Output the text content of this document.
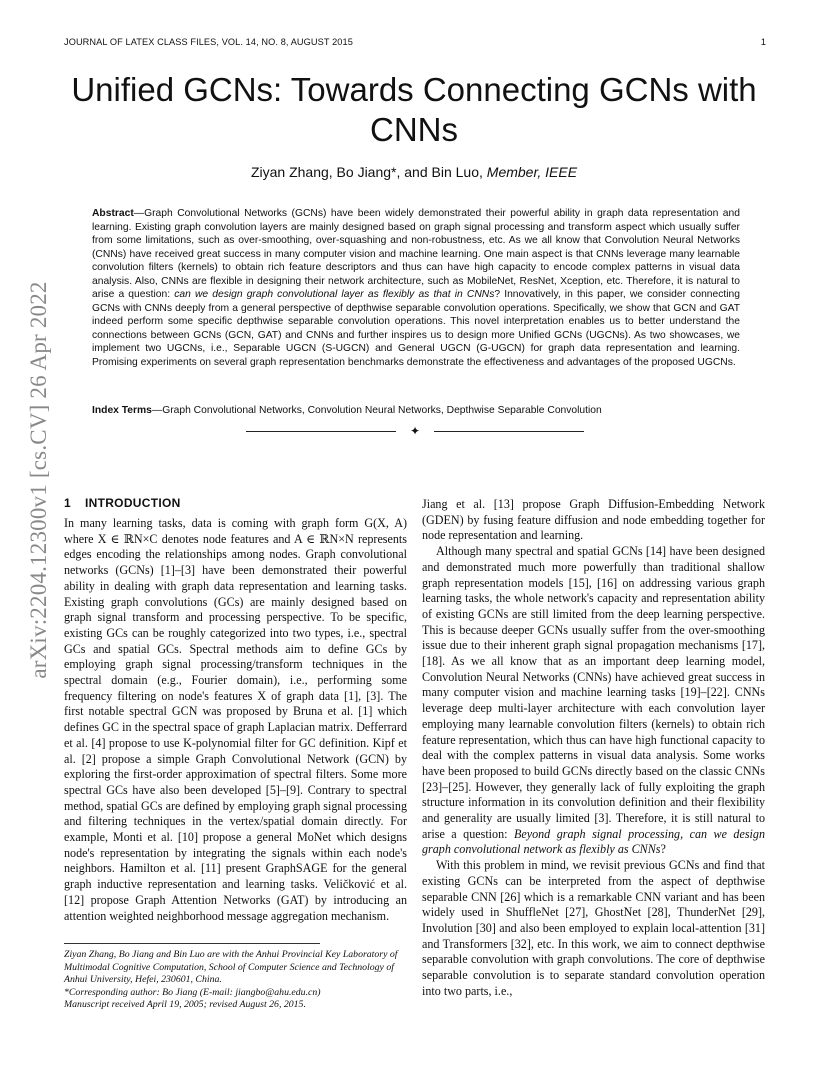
JOURNAL OF LATEX CLASS FILES, VOL. 14, NO. 8, AUGUST 2015	1
arXiv:2204.12300v1 [cs.CV] 26 Apr 2022
Unified GCNs: Towards Connecting GCNs with CNNs
Ziyan Zhang, Bo Jiang*, and Bin Luo, Member, IEEE
Abstract—Graph Convolutional Networks (GCNs) have been widely demonstrated their powerful ability in graph data representation and learning. Existing graph convolution layers are mainly designed based on graph signal processing and transform aspect which usually suffer from some limitations, such as over-smoothing, over-squashing and non-robustness, etc. As we all know that Convolution Neural Networks (CNNs) have received great success in many computer vision and machine learning. One main aspect is that CNNs leverage many learnable convolution filters (kernels) to obtain rich feature descriptors and thus can have high capacity to encode complex patterns in visual data analysis. Also, CNNs are flexible in designing their network architecture, such as MobileNet, ResNet, Xception, etc. Therefore, it is natural to arise a question: can we design graph convolutional layer as flexibly as that in CNNs? Innovatively, in this paper, we consider connecting GCNs with CNNs deeply from a general perspective of depthwise separable convolution operations. Specifically, we show that GCN and GAT indeed perform some specific depthwise separable convolution operations. This novel interpretation enables us to better understand the connections between GCNs (GCN, GAT) and CNNs and further inspires us to design more Unified GCNs (UGCNs). As two showcases, we implement two UGCNs, i.e., Separable UGCN (S-UGCN) and General UGCN (G-UGCN) for graph data representation and learning. Promising experiments on several graph representation benchmarks demonstrate the effectiveness and advantages of the proposed UGCNs.
Index Terms—Graph Convolutional Networks, Convolution Neural Networks, Depthwise Separable Convolution
✦
1 INTRODUCTION

In many learning tasks, data is coming with graph form G(X, A) where X ∈ ℝN×C denotes node features and A ∈ ℝN×N represents edges encoding the relationships among nodes. Graph convolutional networks (GCNs) [1]–[3] have been demonstrated their powerful ability in dealing with graph data representation and learning tasks. Existing graph convolutions (GCs) are mainly designed based on graph signal transform and processing perspective. To be specific, existing GCs can be roughly categorized into two types, i.e., spectral GCs and spatial GCs. Spectral methods aim to define GCs by employing graph signal processing/transform techniques in the spectral domain (e.g., Fourier domain), i.e., performing some frequency filtering on node's features X of graph data [1], [3]. The first notable spectral GCN was proposed by Bruna et al. [1] which defines GC in the spectral space of graph Laplacian matrix. Defferrard et al. [4] propose to use K-polynomial filter for GC definition. Kipf et al. [2] propose a simple Graph Convolutional Network (GCN) by exploring the first-order approximation of spectral filters. Some more spectral GCs have also been developed [5]–[9]. Contrary to spectral method, spatial GCs are defined by employing graph signal processing and filtering techniques in the vertex/spatial domain directly. For example, Monti et al. [10] propose a general MoNet which designs node's representation by integrating the signals within each node's neighbors. Hamilton et al. [11] present GraphSAGE for the general graph inductive representation and learning tasks. Veličković et al. [12] propose Graph Attention Networks (GAT) by introducing an attention weighted neighborhood message aggregation mechanism.

Ziyan Zhang, Bo Jiang and Bin Luo are with the Anhui Provincial Key Laboratory of Multimodal Cognitive Computation, School of Computer Science and Technology of Anhui University, Hefei, 230601, China.

*Corresponding author: Bo Jiang (E-mail: jiangbo@ahu.edu.cn)

Manuscript received April 19, 2005; revised August 26, 2015.

Jiang et al. [13] propose Graph Diffusion-Embedding Network (GDEN) by fusing feature diffusion and node embedding together for node representation and learning.

Although many spectral and spatial GCNs [14] have been designed and demonstrated much more powerfully than traditional shallow graph representation models [15], [16] on addressing various graph learning tasks, the whole network's capacity and representation ability of existing GCNs are still limited from the deep learning perspective. This is because deeper GCNs usually suffer from the over-smoothing issue due to their inherent graph signal propagation mechanisms [17], [18]. As we all know that as an important deep learning model, Convolution Neural Networks (CNNs) have achieved great success in many computer vision and machine learning tasks [19]–[22]. CNNs leverage deep multi-layer architecture with each convolution layer employing many learnable convolution filters (kernels) to obtain rich feature representation, which thus can have high functional capacity to deal with the complex patterns in visual data analysis. Some works have been proposed to build GCNs directly based on the classic CNNs [23]–[25]. However, they generally lack of fully exploiting the graph structure information in its convolution definition and their flexibility and generality are usually limited [3]. Therefore, it is still natural to arise a question: Beyond graph signal processing, can we design graph convolutional network as flexibly as CNNs?

With this problem in mind, we revisit previous GCNs and find that existing GCNs can be interpreted from the aspect of depthwise separable CNN [26] which is a remarkable CNN variant and has been widely used in ShuffleNet [27], GhostNet [28], ThunderNet [29], Involution [30] and also been employed to explain local-attention [31] and Transformers [32], etc. In this work, we aim to connect depthwise separable convolution with graph convolutions. The core of depthwise separable convolution is to separate standard convolution operation into two parts, i.e.,
